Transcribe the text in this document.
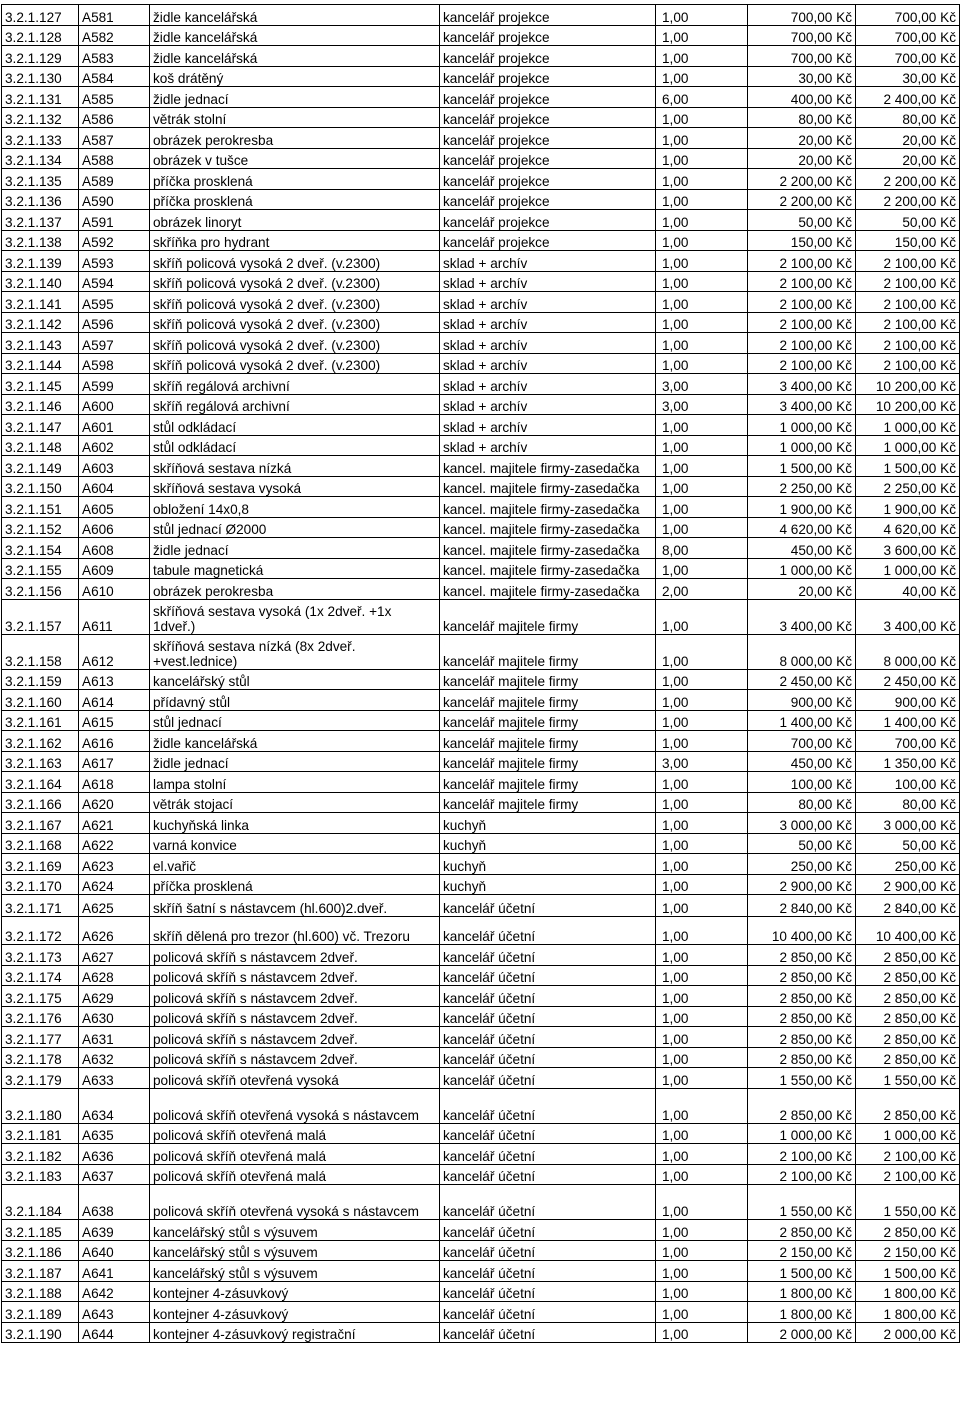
3.2.1.127	A581	židle kancelářská	kancelář projekce	1,00	700,00 Kč	700,00 Kč
3.2.1.128	A582	židle kancelářská	kancelář projekce	1,00	700,00 Kč	700,00 Kč
3.2.1.129	A583	židle kancelářská	kancelář projekce	1,00	700,00 Kč	700,00 Kč
3.2.1.130	A584	koš drátěný	kancelář projekce	1,00	30,00 Kč	30,00 Kč
3.2.1.131	A585	židle jednací	kancelář projekce	6,00	400,00 Kč	2 400,00 Kč
3.2.1.132	A586	větrák stolní	kancelář projekce	1,00	80,00 Kč	80,00 Kč
3.2.1.133	A587	obrázek perokresba	kancelář projekce	1,00	20,00 Kč	20,00 Kč
3.2.1.134	A588	obrázek v tušce	kancelář projekce	1,00	20,00 Kč	20,00 Kč
3.2.1.135	A589	příčka prosklená	kancelář projekce	1,00	2 200,00 Kč	2 200,00 Kč
3.2.1.136	A590	příčka prosklená	kancelář projekce	1,00	2 200,00 Kč	2 200,00 Kč
3.2.1.137	A591	obrázek linoryt	kancelář projekce	1,00	50,00 Kč	50,00 Kč
3.2.1.138	A592	skříňka pro hydrant	kancelář projekce	1,00	150,00 Kč	150,00 Kč
3.2.1.139	A593	skříň policová vysoká 2 dveř. (v.2300)	sklad + archív	1,00	2 100,00 Kč	2 100,00 Kč
3.2.1.140	A594	skříň policová vysoká 2 dveř. (v.2300)	sklad + archív	1,00	2 100,00 Kč	2 100,00 Kč
3.2.1.141	A595	skříň policová vysoká 2 dveř. (v.2300)	sklad + archív	1,00	2 100,00 Kč	2 100,00 Kč
3.2.1.142	A596	skříň policová vysoká 2 dveř. (v.2300)	sklad + archív	1,00	2 100,00 Kč	2 100,00 Kč
3.2.1.143	A597	skříň policová vysoká 2 dveř. (v.2300)	sklad + archív	1,00	2 100,00 Kč	2 100,00 Kč
3.2.1.144	A598	skříň policová vysoká 2 dveř. (v.2300)	sklad + archív	1,00	2 100,00 Kč	2 100,00 Kč
3.2.1.145	A599	skříň regálová archivní	sklad + archív	3,00	3 400,00 Kč	10 200,00 Kč
3.2.1.146	A600	skříň regálová archivní	sklad + archív	3,00	3 400,00 Kč	10 200,00 Kč
3.2.1.147	A601	stůl odkládací	sklad + archív	1,00	1 000,00 Kč	1 000,00 Kč
3.2.1.148	A602	stůl odkládací	sklad + archív	1,00	1 000,00 Kč	1 000,00 Kč
3.2.1.149	A603	skříňová sestava nízká	kancel. majitele firmy-zasedačka	1,00	1 500,00 Kč	1 500,00 Kč
3.2.1.150	A604	skříňová sestava vysoká	kancel. majitele firmy-zasedačka	1,00	2 250,00 Kč	2 250,00 Kč
3.2.1.151	A605	obložení 14x0,8	kancel. majitele firmy-zasedačka	1,00	1 900,00 Kč	1 900,00 Kč
3.2.1.152	A606	stůl jednací Ø2000	kancel. majitele firmy-zasedačka	1,00	4 620,00 Kč	4 620,00 Kč
3.2.1.154	A608	židle jednací	kancel. majitele firmy-zasedačka	8,00	450,00 Kč	3 600,00 Kč
3.2.1.155	A609	tabule magnetická	kancel. majitele firmy-zasedačka	1,00	1 000,00 Kč	1 000,00 Kč
3.2.1.156	A610	obrázek perokresba	kancel. majitele firmy-zasedačka	2,00	20,00 Kč	40,00 Kč
3.2.1.157	A611	skříňová sestava vysoká (1x 2dveř. +1x 1dveř.)	kancelář majitele firmy	1,00	3 400,00 Kč	3 400,00 Kč
3.2.1.158	A612	skříňová sestava nízká (8x 2dveř. +vest.lednice)	kancelář majitele firmy	1,00	8 000,00 Kč	8 000,00 Kč
3.2.1.159	A613	kancelářský stůl	kancelář majitele firmy	1,00	2 450,00 Kč	2 450,00 Kč
3.2.1.160	A614	přídavný stůl	kancelář majitele firmy	1,00	900,00 Kč	900,00 Kč
3.2.1.161	A615	stůl jednací	kancelář majitele firmy	1,00	1 400,00 Kč	1 400,00 Kč
3.2.1.162	A616	židle kancelářská	kancelář majitele firmy	1,00	700,00 Kč	700,00 Kč
3.2.1.163	A617	židle jednací	kancelář majitele firmy	3,00	450,00 Kč	1 350,00 Kč
3.2.1.164	A618	lampa stolní	kancelář majitele firmy	1,00	100,00 Kč	100,00 Kč
3.2.1.166	A620	větrák stojací	kancelář majitele firmy	1,00	80,00 Kč	80,00 Kč
3.2.1.167	A621	kuchyňská linka	kuchyň	1,00	3 000,00 Kč	3 000,00 Kč
3.2.1.168	A622	varná konvice	kuchyň	1,00	50,00 Kč	50,00 Kč
3.2.1.169	A623	el.vařič	kuchyň	1,00	250,00 Kč	250,00 Kč
3.2.1.170	A624	příčka prosklená	kuchyň	1,00	2 900,00 Kč	2 900,00 Kč
3.2.1.171	A625	skříň šatní s nástavcem (hl.600)2.dveř.	kancelář účetní	1,00	2 840,00 Kč	2 840,00 Kč
3.2.1.172	A626	skříň dělená pro trezor (hl.600) vč. Trezoru	kancelář účetní	1,00	10 400,00 Kč	10 400,00 Kč
3.2.1.173	A627	policová skříň s nástavcem 2dveř.	kancelář účetní	1,00	2 850,00 Kč	2 850,00 Kč
3.2.1.174	A628	policová skříň s nástavcem 2dveř.	kancelář účetní	1,00	2 850,00 Kč	2 850,00 Kč
3.2.1.175	A629	policová skříň s nástavcem 2dveř.	kancelář účetní	1,00	2 850,00 Kč	2 850,00 Kč
3.2.1.176	A630	policová skříň s nástavcem 2dveř.	kancelář účetní	1,00	2 850,00 Kč	2 850,00 Kč
3.2.1.177	A631	policová skříň s nástavcem 2dveř.	kancelář účetní	1,00	2 850,00 Kč	2 850,00 Kč
3.2.1.178	A632	policová skříň s nástavcem 2dveř.	kancelář účetní	1,00	2 850,00 Kč	2 850,00 Kč
3.2.1.179	A633	policová skříň otevřená vysoká	kancelář účetní	1,00	1 550,00 Kč	1 550,00 Kč
3.2.1.180	A634	policová skříň otevřená vysoká s nástavcem	kancelář účetní	1,00	2 850,00 Kč	2 850,00 Kč
3.2.1.181	A635	policová skříň otevřená malá	kancelář účetní	1,00	1 000,00 Kč	1 000,00 Kč
3.2.1.182	A636	policová skříň otevřená malá	kancelář účetní	1,00	2 100,00 Kč	2 100,00 Kč
3.2.1.183	A637	policová skříň otevřená malá	kancelář účetní	1,00	2 100,00 Kč	2 100,00 Kč
3.2.1.184	A638	policová skříň otevřená vysoká s nástavcem	kancelář účetní	1,00	1 550,00 Kč	1 550,00 Kč
3.2.1.185	A639	kancelářský stůl s výsuvem	kancelář účetní	1,00	2 850,00 Kč	2 850,00 Kč
3.2.1.186	A640	kancelářský stůl s výsuvem	kancelář účetní	1,00	2 150,00 Kč	2 150,00 Kč
3.2.1.187	A641	kancelářský stůl s výsuvem	kancelář účetní	1,00	1 500,00 Kč	1 500,00 Kč
3.2.1.188	A642	kontejner 4-zásuvkový	kancelář účetní	1,00	1 800,00 Kč	1 800,00 Kč
3.2.1.189	A643	kontejner 4-zásuvkový	kancelář účetní	1,00	1 800,00 Kč	1 800,00 Kč
3.2.1.190	A644	kontejner 4-zásuvkový registrační	kancelář účetní	1,00	2 000,00 Kč	2 000,00 Kč
